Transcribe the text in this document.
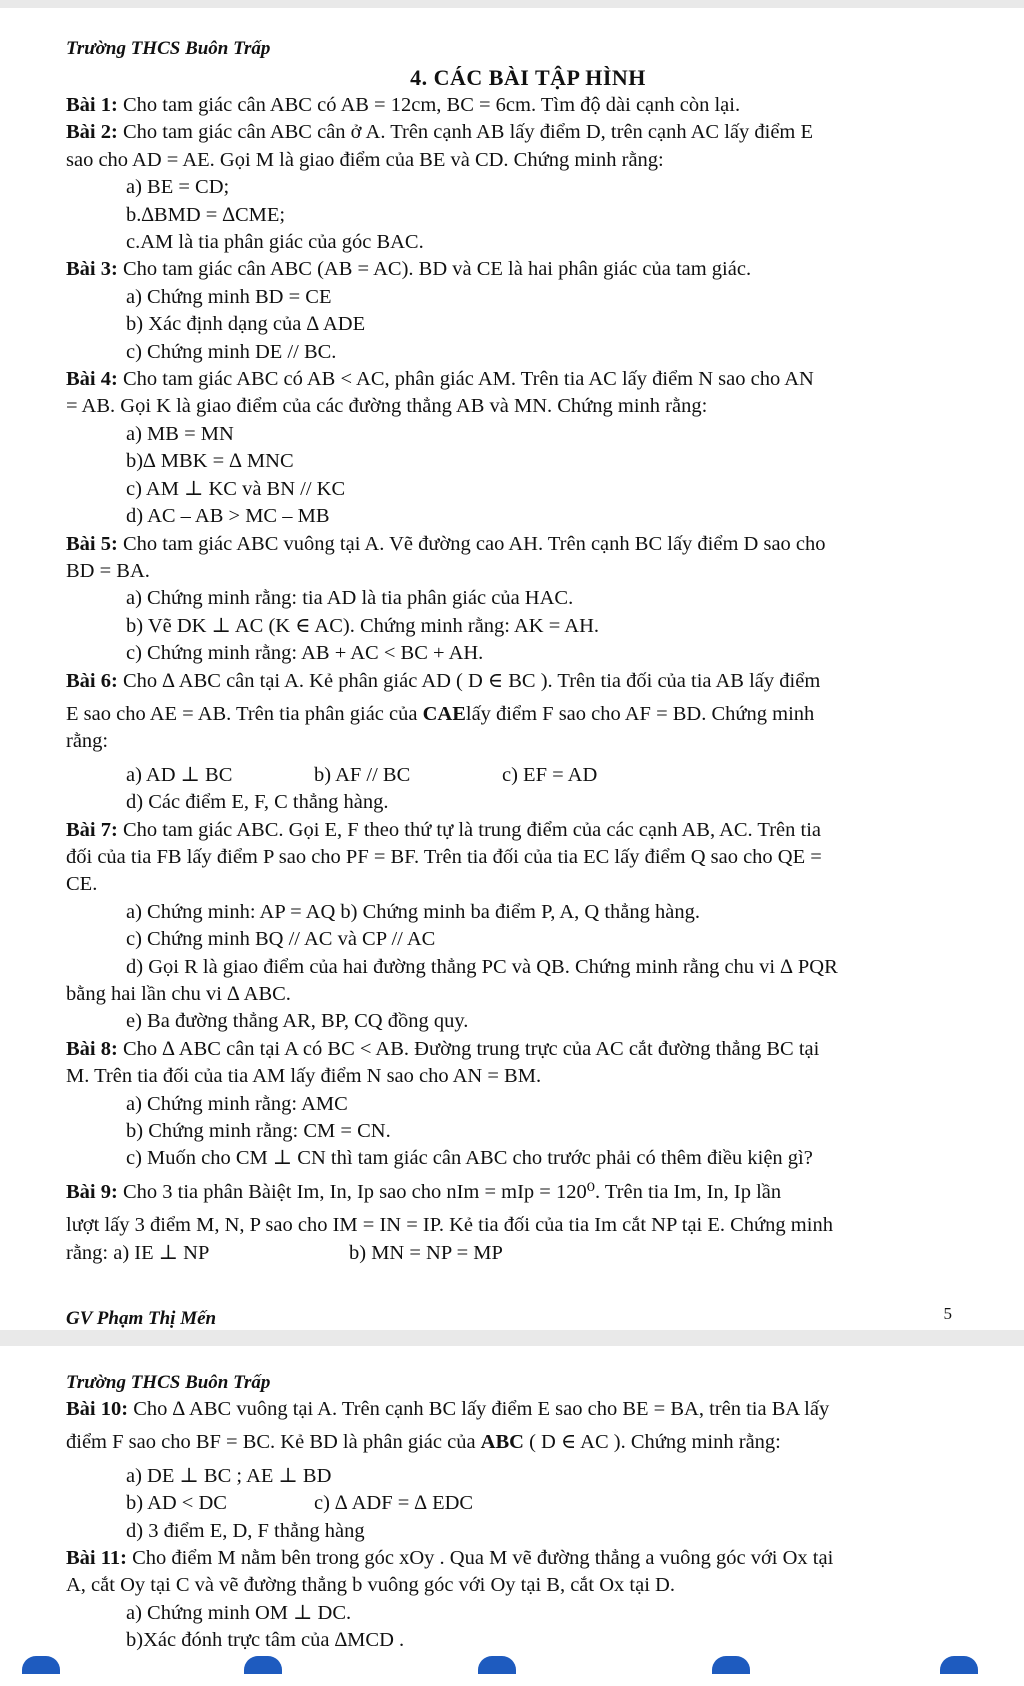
Trường THCS Buôn Trấp
4. CÁC BÀI TẬP HÌNH
Bài 1: Cho tam giác cân ABC có AB = 12cm, BC = 6cm. Tìm độ dài cạnh còn lại.
Bài 2: Cho tam giác cân ABC cân ở A. Trên cạnh AB lấy điểm D, trên cạnh AC lấy điểm E
sao cho AD = AE. Gọi M là giao điểm của BE và CD. Chứng minh rằng:
a) BE = CD;
b.∆BMD = ∆CME;
c.AM là tia phân giác của góc BAC.
Bài 3: Cho tam giác cân ABC (AB = AC). BD và CE là hai phân giác của tam giác.
a) Chứng minh BD = CE
b) Xác định dạng của ∆ ADE
c) Chứng minh DE // BC.
Bài 4: Cho tam giác ABC có AB < AC, phân giác AM. Trên tia AC lấy điểm N sao cho AN
= AB. Gọi K là giao điểm của các đường thẳng AB và MN. Chứng minh rằng:
a) MB = MN
b)∆ MBK = ∆ MNC
c) AM ⊥ KC và BN // KC
d) AC – AB > MC – MB
Bài 5: Cho tam giác ABC vuông tại A. Vẽ đường cao AH. Trên cạnh BC lấy điểm D sao cho
BD = BA.
a) Chứng minh rằng: tia AD là tia phân giác của HAC.
b) Vẽ DK ⊥ AC (K ∈ AC). Chứng minh rằng: AK = AH.
c) Chứng minh rằng: AB + AC < BC + AH.
Bài 6: Cho ∆ ABC cân tại A. Kẻ phân giác AD ( D ∈ BC ). Trên tia đối của tia AB lấy điểm
E sao cho AE = AB. Trên tia phân giác của CAElấy điểm F sao cho AF = BD. Chứng minh
rằng:
a) AD ⊥ BC	b) AF // BC	c) EF = AD
d) Các điểm E, F, C thẳng hàng.
Bài 7: Cho tam giác ABC. Gọi E, F theo thứ tự là trung điểm của các cạnh AB, AC. Trên tia
đối của tia FB lấy điểm P sao cho PF = BF. Trên tia đối của tia EC lấy điểm Q sao cho QE =
CE.
a) Chứng minh: AP = AQ b) Chứng minh ba điểm P, A, Q thẳng hàng.
c) Chứng minh BQ // AC và CP // AC
d) Gọi R là giao điểm của hai đường thẳng PC và QB. Chứng minh rằng chu vi ∆ PQR
bằng hai lần chu vi ∆ ABC.
e) Ba đường thẳng AR, BP, CQ đồng quy.
Bài 8: Cho ∆ ABC cân tại A có BC < AB. Đường trung trực của AC cắt đường thẳng BC tại
M. Trên tia đối của tia AM lấy điểm N sao cho AN = BM.
a) Chứng minh rằng: AMC
b) Chứng minh rằng: CM = CN.
c) Muốn cho CM ⊥ CN thì tam giác cân ABC cho trước phải có thêm điều kiện gì?
Bài 9: Cho 3 tia phân Bàiệt Im, In, Ip sao cho nIm = mIp = 120⁰. Trên tia Im, In, Ip lần
lượt lấy 3 điểm M, N, P sao cho IM = IN = IP. Kẻ tia đối của tia Im cắt NP tại E. Chứng minh
rằng: a) IE ⊥ NP	b) MN = NP = MP
GV Phạm Thị Mến	5
Trường THCS Buôn Trấp
Bài 10: Cho ∆ ABC vuông tại A. Trên cạnh BC lấy điểm E sao cho BE = BA, trên tia BA lấy
điểm F sao cho BF = BC. Kẻ BD là phân giác của ABC ( D ∈ AC ). Chứng minh rằng:
a) DE ⊥ BC ; AE ⊥ BD
b) AD < DC	c) ∆ ADF = ∆ EDC
d) 3 điểm E, D, F thẳng hàng
Bài 11: Cho điểm M nằm bên trong góc xOy . Qua M vẽ đường thẳng a vuông góc với Ox tại
A, cắt Oy tại C và vẽ đường thẳng b vuông góc với Oy tại B, cắt Ox tại D.
a) Chứng minh OM ⊥ DC.
b)Xác đónh trực tâm của ∆MCD .
